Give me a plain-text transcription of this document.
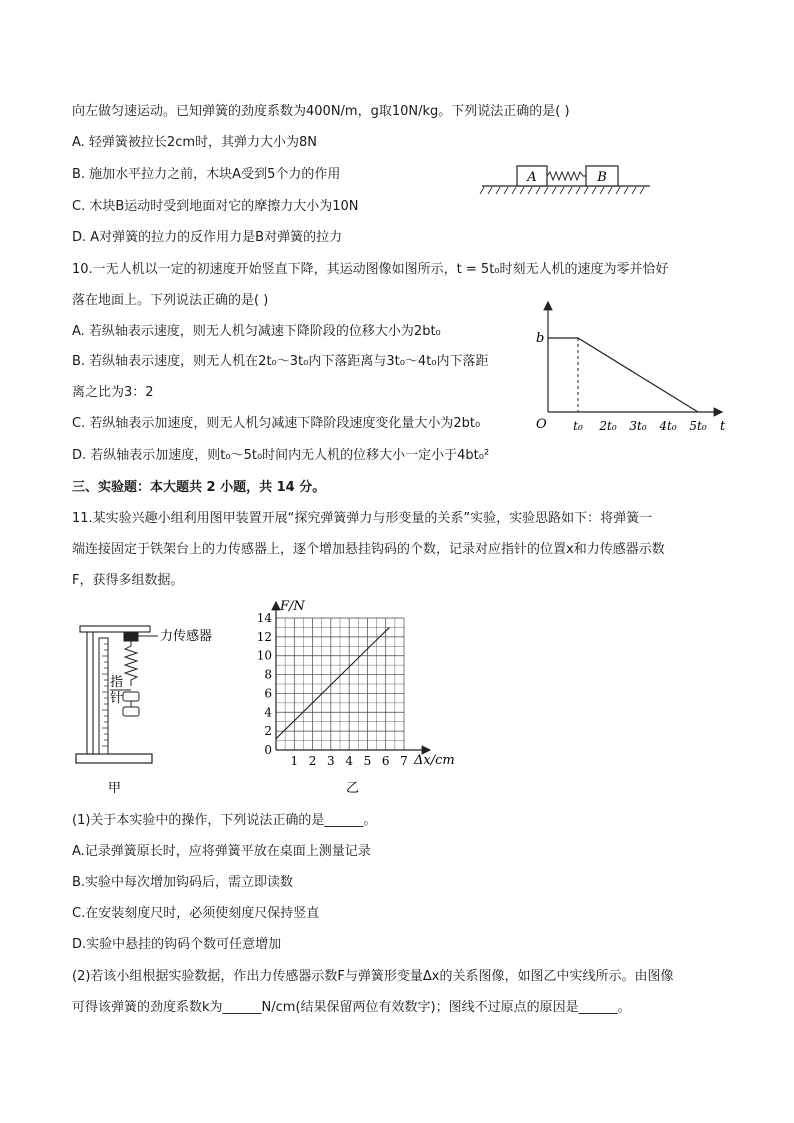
向左做匀速运动。已知弹簧的劲度系数为400N/m，g取10N/kg。下列说法正确的是( )
A. 轻弹簧被拉长2cm时，其弹力大小为8N
B. 施加水平拉力之前，木块A受到5个力的作用
C. 木块B运动时受到地面对它的摩擦力大小为10N
D. A对弹簧的拉力的反作用力是B对弹簧的拉力
A	B
10.一无人机以一定的初速度开始竖直下降，其运动图像如图所示，t = 5t₀时刻无人机的速度为零并恰好
落在地面上。下列说法正确的是( )
A. 若纵轴表示速度，则无人机匀减速下降阶段的位移大小为2bt₀
B. 若纵轴表示速度，则无人机在2t₀～3t₀内下落距离与3t₀～4t₀内下落距
离之比为3：2
C. 若纵轴表示加速度，则无人机匀减速下降阶段速度变化量大小为2bt₀
D. 若纵轴表示加速度，则t₀～5t₀时间内无人机的位移大小一定小于4bt₀²
b
O t₀ 2t₀ 3t₀ 4t₀ 5t₀ t
三、实验题：本大题共 2 小题，共 14 分。
11.某实验兴趣小组利用图甲装置开展“探究弹簧弹力与形变量的关系”实验，实验思路如下：将弹簧一
端连接固定于铁架台上的力传感器上，逐个增加悬挂钩码的个数，记录对应指针的位置x和力传感器示数
F，获得多组数据。
力传感器
指
针
甲
1 2 3 4 5 6 7
0
2
4
6
8
10
12
14
F/N
Δx/cm
乙
(1)关于本实验中的操作，下列说法正确的是______。
A.记录弹簧原长时，应将弹簧平放在桌面上测量记录
B.实验中每次增加钩码后，需立即读数
C.在安装刻度尺时，必须使刻度尺保持竖直
D.实验中悬挂的钩码个数可任意增加
(2)若该小组根据实验数据，作出力传感器示数F与弹簧形变量Δx的关系图像，如图乙中实线所示。由图像
可得该弹簧的劲度系数k为______N/cm(结果保留两位有效数字)；图线不过原点的原因是______。
